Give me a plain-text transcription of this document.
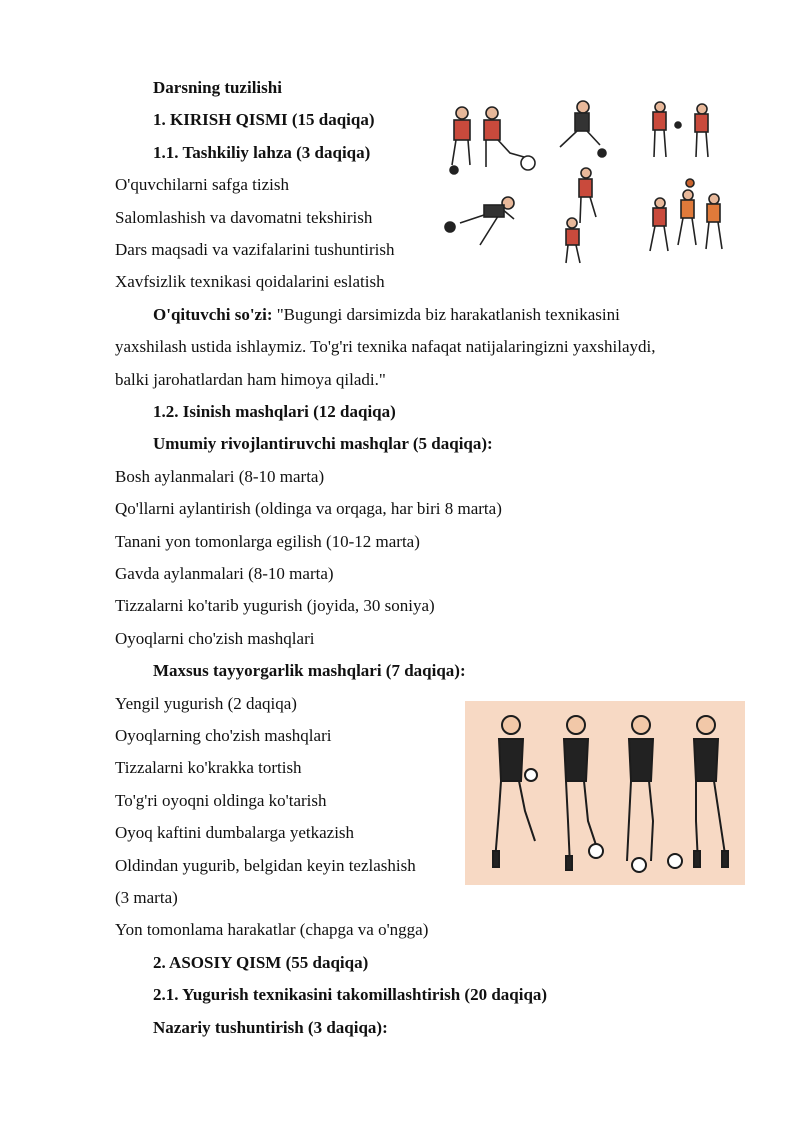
Darsning tuzilishi
1. KIRISH QISMI (15 daqiqa)
1.1. Tashkiliy lahza (3 daqiqa)
O'quvchilarni safga tizish
Salomlashish va davomatni tekshirish
Dars maqsadi va vazifalarini tushuntirish
Xavfsizlik texnikasi qoidalarini eslatish
O'qituvchi so'zi: "Bugungi darsimizda biz harakatlanish texnikasini
yaxshilash ustida ishlaymiz. To'g'ri texnika nafaqat natijalaringizni yaxshilaydi,
balki jarohatlardan ham himoya qiladi."
1.2. Isinish mashqlari (12 daqiqa)
Umumiy rivojlantiruvchi mashqlar (5 daqiqa):
Bosh aylanmalari (8-10 marta)
Qo'llarni aylantirish (oldinga va orqaga, har biri 8 marta)
Tanani yon tomonlarga egilish (10-12 marta)
Gavda aylanmalari (8-10 marta)
Tizzalarni ko'tarib yugurish (joyida, 30 soniya)
Oyoqlarni cho'zish mashqlari
Maxsus tayyorgarlik mashqlari (7 daqiqa):
Yengil yugurish (2 daqiqa)
Oyoqlarning cho'zish mashqlari
Tizzalarni ko'krakka tortish
To'g'ri oyoqni oldinga ko'tarish
Oyoq kaftini dumbalarga yetkazish
Oldindan yugurib, belgidan keyin tezlashish
(3 marta)
Yon tomonlama harakatlar (chapga va o'ngga)
2. ASOSIY QISM (55 daqiqa)
2.1. Yugurish texnikasini takomillashtirish (20 daqiqa)
Nazariy tushuntirish (3 daqiqa):
